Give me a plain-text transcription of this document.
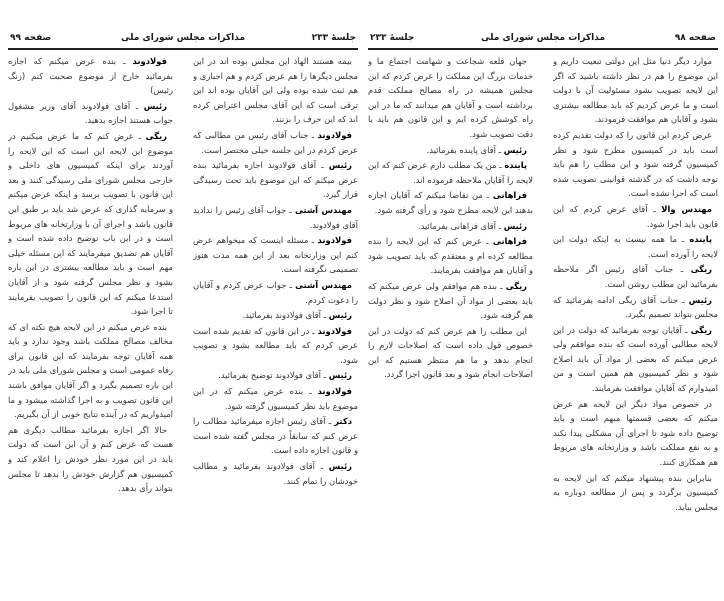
جلسهٔ ۲۳۳
مذاکرات مجلس شورای ملی
صفحه ۹۹

بیمه هستند الهاذ این مجلس بوده اند در این مجلس دیگرها را هم عرض کردم و هم اجباری و هم ثبت شده بوده ولی این آقایان بوده اند این ترقی است که این آقای مجلس اعتراض کرده اند که این حرف را بزنند.

فولادوند ـ جناب آقای رئیس من مطالبی که عرض کردم در این جلسه خیلی مختصر است.

رئیس ـ آقای فولادوند اجازه بفرمائید بنده عرض میکنم که این موضوع باید تحت رسیدگی قرار گیرد.

مهندس آشتی ـ جواب آقای رئیس را ندادید آقای فولادوند.

فولادوند ـ مسئله اینست که میخواهم عرض کنم این وزارتخانه بعد از این همه مدت هنوز تصمیمی نگرفته است.

مهندس آشتی ـ جواب عرض کردم و آقایان را دعوت کردم.

رئیس ـ آقای فولادوند بفرمائید.

فولادوند ـ در این قانون که تقدیم شده است عرض کردم که باید مطالعه بشود و تصویب شود.

رئیس ـ آقای فولادوند توضیح بفرمائید.

فولادوند ـ بنده عرض میکنم که در این موضوع باید نظر کمیسیون گرفته شود.

دکتر ـ آقای رئیس اجازه میفرمائید مطالب را عرض کنم که سابقاً در مجلس گفته شده است و قانون اجازه داده است.

رئیس ـ آقای فولادوند بفرمائید و مطالب خودشان را تمام کنند.

فولادوند ـ بنده عرض میکنم که اجازه بفرمائید خارج از موضوع صحبت کنم (زنگ رئیس)

رئیس ـ آقای فولادوند آقای وزیر مشغول جواب هستند اجازه بدهید.

ریگی ـ عرض کنم که ما عرض میکنیم در موضوع این لایحه این است که این لایحه را آوردند برای اینکه کمیسیون های داخلی و خارجی مجلس شورای ملی رسیدگی کنند و بعد این قانون با تصویب برسد و اینکه عرض میکنم و سرمایه گذاری که عرض شد باید بر طبق این قانون باشد و اجرای آن با وزارتخانه های مربوط است و در این باب توضیح داده شده است و آقایان هم تصدیق میفرمایند که این مسئله خیلی مهم است و باید مطالعه بیشتری در این باره بشود و نظر مجلس گرفته شود و از آقایان استدعا میکنم که این قانون را تصویب بفرمایند تا اجرا شود.

بنده عرض میکنم در این لایحه هیچ نکته ای که مخالف مصالح مملکت باشد وجود ندارد و باید همه آقایان توجه بفرمایند که این قانون برای رفاه عمومی است و مجلس شورای ملی باید در این باره تصمیم بگیرد و اگر آقایان موافق باشند این قانون تصویب و به اجرا گذاشته میشود و ما امیدواریم که در آینده نتایج خوبی از آن بگیریم.

حالا اگر اجازه بفرمائید مطالب دیگری هم هست که عرض کنم و آن این است که دولت باید در این مورد نظر خودش را اعلام کند و کمیسیون هم گزارش خودش را بدهد تا مجلس بتواند رأی بدهد.

جلسهٔ ۲۳۳	مذاکرات مجلس شورای ملی	صفحه ۹۸

موارد دیگر دنیا مثل این دولتی تبعیت داریم و این موضوع را هم در نظر داشته باشید که اگر این لایحه تصویب بشود مسئولیت آن با دولت است و ما عرض کردیم که باید مطالعه بیشتری بشود و آقایان هم موافقت فرمودند.

عرض کردم این قانون را که دولت تقدیم کرده است باید در کمیسیون مطرح شود و نظر کمیسیون گرفته شود و این مطلب را هم باید توجه داشت که در گذشته قوانینی تصویب شده است که اجرا نشده است.

مهندس والا ـ آقای عرض کردم که این قانون باید اجرا شود.

پاینده ـ ما همه نیست به اینکه دولت این لایحه را آورده است.

ریگی ـ جناب آقای رئیس اگر ملاحظه بفرمائید این مطلب روشن است.

رئیس ـ جناب آقای ریگی ادامه بفرمائید که مجلس بتواند تصمیم بگیرد.

ریگی ـ آقایان توجه بفرمائید که دولت در این لایحه مطالبی آورده است که بنده موافقم ولی عرض میکنم که بعضی از مواد آن باید اصلاح شود و نظر کمیسیون هم همین است و من امیدوارم که آقایان موافقت بفرمایند.

در خصوص مواد دیگر این لایحه هم عرض میکنم که بعضی قسمتها مبهم است و باید توضیح داده شود تا اجرای آن مشکلی پیدا نکند و به نفع مملکت باشد و وزارتخانه های مربوط هم همکاری کنند.

بنابراین بنده پیشنهاد میکنم که این لایحه به کمیسیون برگردد و پس از مطالعه دوباره به مجلس بیاید.

جهان قلعه شجاعت و شهامت اجتماع ما و خدمات بزرگ این مملکت را عرض کردم که این مجلس همیشه در راه مصالح مملکت قدم برداشته است و آقایان هم میدانند که ما در این راه کوشش کرده ایم و این قانون هم باید با دقت تصویب شود.

رئیس ـ آقای پاینده بفرمائید.

پاینده ـ من یک مطلب دارم عرض کنم که این لایحه را آقایان ملاحظه فرموده اند.

فراهانی ـ من تقاضا میکنم که آقایان اجازه بدهند این لایحه مطرح شود و رأی گرفته شود.

رئیس ـ آقای فراهانی بفرمائید.

فراهانی ـ عرض کنم که این لایحه را بنده مطالعه کرده ام و معتقدم که باید تصویب شود و آقایان هم موافقت بفرمایند.

ریگی ـ بنده هم موافقم ولی عرض میکنم که باید بعضی از مواد آن اصلاح شود و نظر دولت هم گرفته شود.

این مطلب را هم عرض کنم که دولت در این خصوص قول داده است که اصلاحات لازم را انجام بدهد و ما هم منتظر هستیم که این اصلاحات انجام شود و بعد قانون اجرا گردد.
